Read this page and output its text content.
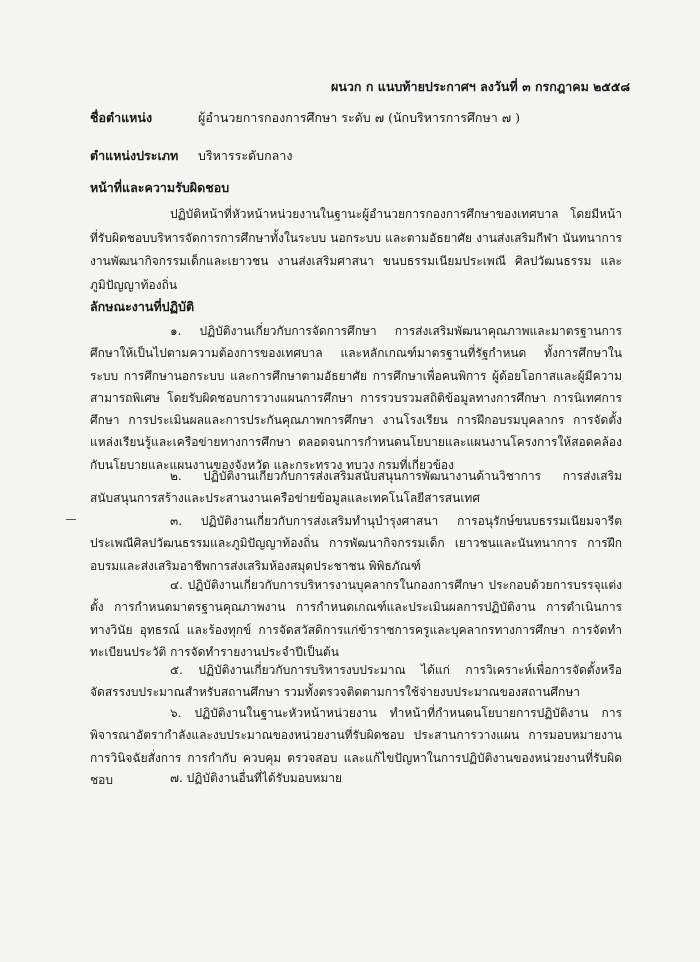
ผนวก ก แนบท้ายประกาศฯ ลงวันที่ ๓ กรกฎาคม ๒๕๕๘
ชื่อตำแหน่ง	ผู้อำนวยการกองการศึกษา ระดับ ๗ (นักบริหารการศึกษา ๗ )
ตำแหน่งประเภท บริหารระดับกลาง
หน้าที่และความรับผิดชอบ

ปฏิบัติหน้าที่หัวหน้าหน่วยงานในฐานะผู้อำนวยการกองการศึกษาของเทศบาล โดยมีหน้าที่รับผิดชอบบริหารจัดการการศึกษาทั้งในระบบ นอกระบบ และตามอัธยาศัย งานส่งเสริมกีฬา นันทนาการ งานพัฒนากิจกรรมเด็กและเยาวชน งานส่งเสริมศาสนา ขนบธรรมเนียมประเพณี ศิลปวัฒนธรรม และภูมิปัญญาท้องถิ่น

ลักษณะงานที่ปฏิบัติ

๑. ปฏิบัติงานเกี่ยวกับการจัดการศึกษา การส่งเสริมพัฒนาคุณภาพและมาตรฐานการศึกษาให้เป็นไปตามความต้องการของเทศบาล และหลักเกณฑ์มาตรฐานที่รัฐกำหนด ทั้งการศึกษาในระบบ การศึกษานอกระบบ และการศึกษาตามอัธยาศัย การศึกษาเพื่อคนพิการ ผู้ด้อยโอกาสและผู้มีความสามารถพิเศษ โดยรับผิดชอบการวางแผนการศึกษา การรวบรวมสถิติข้อมูลทางการศึกษา การนิเทศการศึกษา การประเมินผลและการประกันคุณภาพการศึกษา งานโรงเรียน การฝึกอบรมบุคลากร การจัดตั้งแหล่งเรียนรู้และเครือข่ายทางการศึกษา ตลอดจนการกำหนดนโยบายและแผนงานโครงการให้สอดคล้องกับนโยบายและแผนงานของจังหวัด และกระทรวง ทบวง กรมที่เกี่ยวข้อง

๒. ปฏิบัติงานเกี่ยวกับการส่งเสริมสนับสนุนการพัฒนางานด้านวิชาการ การส่งเสริมสนับสนุนการสร้างและประสานงานเครือข่ายข้อมูลและเทคโนโลยีสารสนเทศ

๓. ปฏิบัติงานเกี่ยวกับการส่งเสริมทำนุบำรุงศาสนา การอนุรักษ์ขนบธรรมเนียมจารีตประเพณีศิลปวัฒนธรรมและภูมิปัญญาท้องถิ่น การพัฒนากิจกรรมเด็ก เยาวชนและนันทนาการ การฝึกอบรมและส่งเสริมอาชีพการส่งเสริมห้องสมุดประชาชน พิพิธภัณฑ์

๔. ปฏิบัติงานเกี่ยวกับการบริหารงานบุคลากรในกองการศึกษา ประกอบด้วยการบรรจุแต่งตั้ง การกำหนดมาตรฐานคุณภาพงาน การกำหนดเกณฑ์และประเมินผลการปฏิบัติงาน การดำเนินการทางวินัย อุทธรณ์ และร้องทุกข์ การจัดสวัสดิการแก่ข้าราชการครูและบุคลากรทางการศึกษา การจัดทำทะเบียนประวัติ การจัดทำรายงานประจำปีเป็นต้น

๕. ปฏิบัติงานเกี่ยวกับการบริหารงบประมาณ ได้แก่ การวิเคราะห์เพื่อการจัดตั้งหรือจัดสรรงบประมาณสำหรับสถานศึกษา รวมทั้งตรวจติดตามการใช้จ่ายงบประมาณของสถานศึกษา

๖. ปฏิบัติงานในฐานะหัวหน้าหน่วยงาน ทำหน้าที่กำหนดนโยบายการปฏิบัติงาน การพิจารณาอัตรากำลังและงบประมาณของหน่วยงานที่รับผิดชอบ ประสานการวางแผน การมอบหมายงาน การวินิจฉัยสั่งการ การกำกับ ควบคุม ตรวจสอบ และแก้ไขปัญหาในการปฏิบัติงานของหน่วยงานที่รับผิดชอบ	๗. ปฏิบัติงานอื่นที่ได้รับมอบหมาย
